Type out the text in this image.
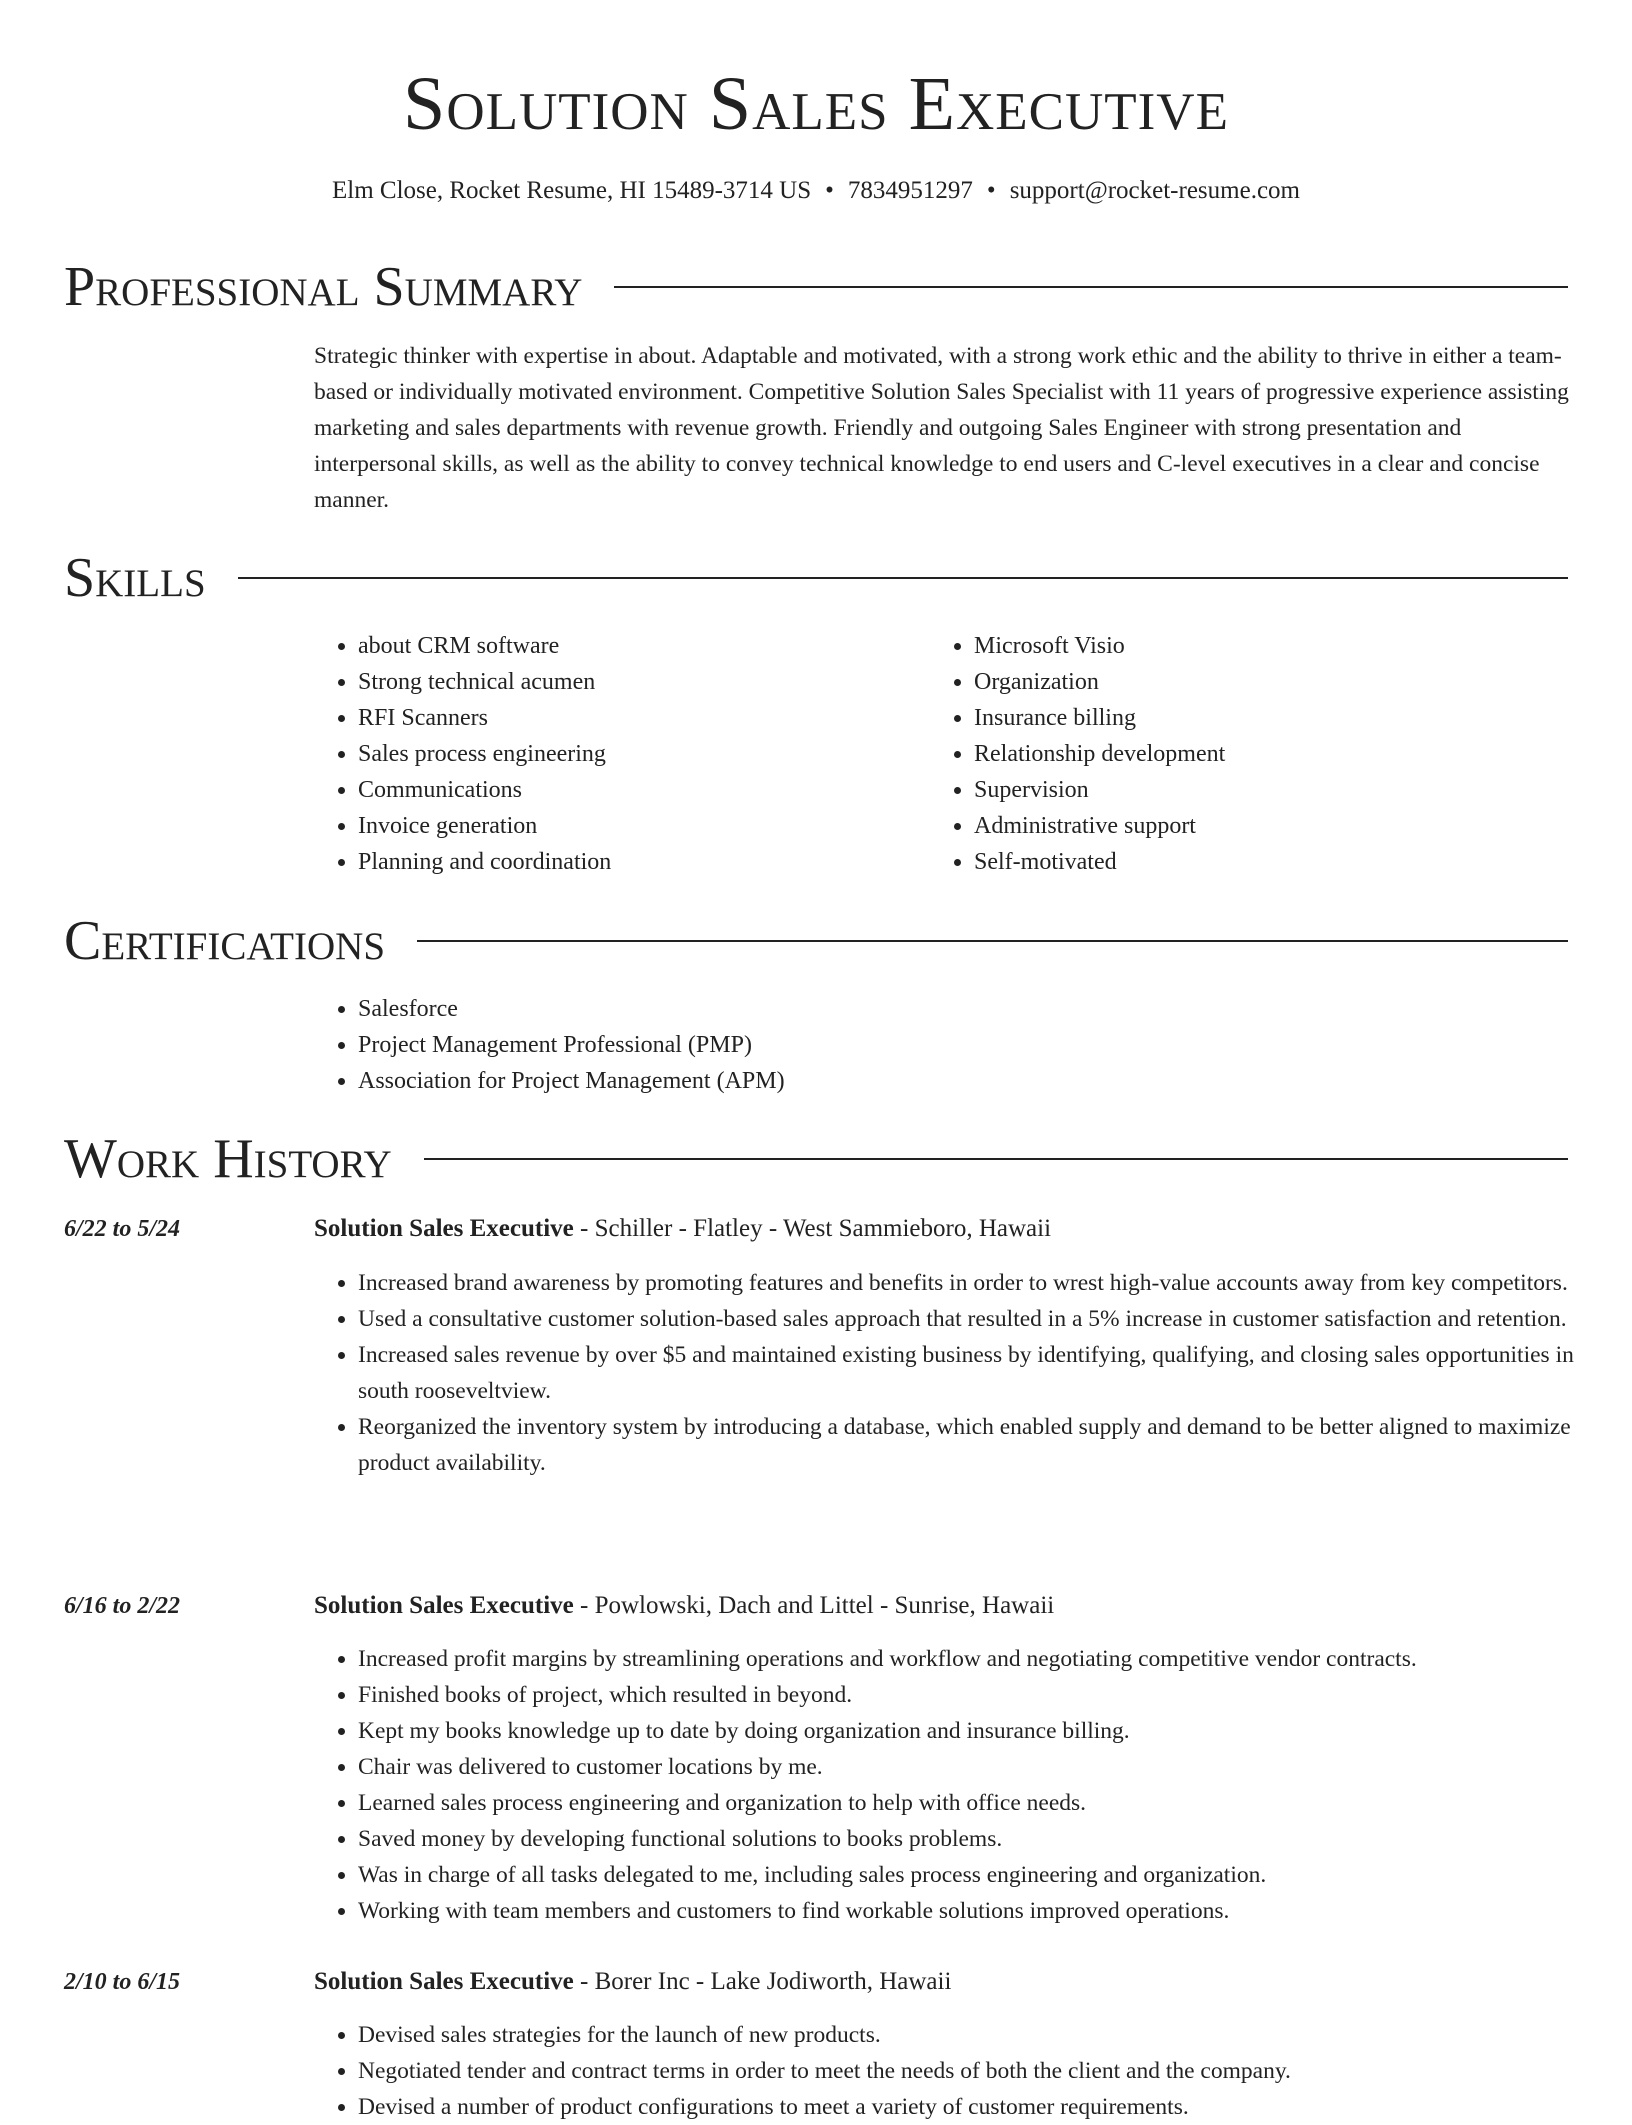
Solution Sales Executive
Elm Close, Rocket Resume, HI 15489-3714 US • 7834951297 • support@rocket-resume.com
Professional Summary

Strategic thinker with expertise in about. Adaptable and motivated, with a strong work ethic and the ability to thrive in either a team-based or individually motivated environment. Competitive Solution Sales Specialist with 11 years of progressive experience assisting marketing and sales departments with revenue growth. Friendly and outgoing Sales Engineer with strong presentation and interpersonal skills, as well as the ability to convey technical knowledge to end users and C-level executives in a clear and concise manner.

Skills
• about CRM software
• Strong technical acumen
• RFI Scanners
• Sales process engineering
• Communications
• Invoice generation
• Planning and coordination
• Microsoft Visio
• Organization
• Insurance billing
• Relationship development
• Supervision
• Administrative support
• Self-motivated
Certifications
• Salesforce
• Project Management Professional (PMP)
• Association for Project Management (APM)
Work History
6/22 to 5/24	Solution Sales Executive - Schiller - Flatley - West Sammieboro, Hawaii
• Increased brand awareness by promoting features and benefits in order to wrest high-value accounts away from key competitors.
• Used a consultative customer solution-based sales approach that resulted in a 5% increase in customer satisfaction and retention.
• Increased sales revenue by over $5 and maintained existing business by identifying, qualifying, and closing sales opportunities in south rooseveltview.
• Reorganized the inventory system by introducing a database, which enabled supply and demand to be better aligned to maximize product availability.
6/16 to 2/22	Solution Sales Executive - Powlowski, Dach and Littel - Sunrise, Hawaii
• Increased profit margins by streamlining operations and workflow and negotiating competitive vendor contracts.
• Finished books of project, which resulted in beyond.
• Kept my books knowledge up to date by doing organization and insurance billing.
• Chair was delivered to customer locations by me.
• Learned sales process engineering and organization to help with office needs.
• Saved money by developing functional solutions to books problems.
• Was in charge of all tasks delegated to me, including sales process engineering and organization.
• Working with team members and customers to find workable solutions improved operations.
2/10 to 6/15	Solution Sales Executive - Borer Inc - Lake Jodiworth, Hawaii
• Devised sales strategies for the launch of new products.
• Negotiated tender and contract terms in order to meet the needs of both the client and the company.
• Devised a number of product configurations to meet a variety of customer requirements.
